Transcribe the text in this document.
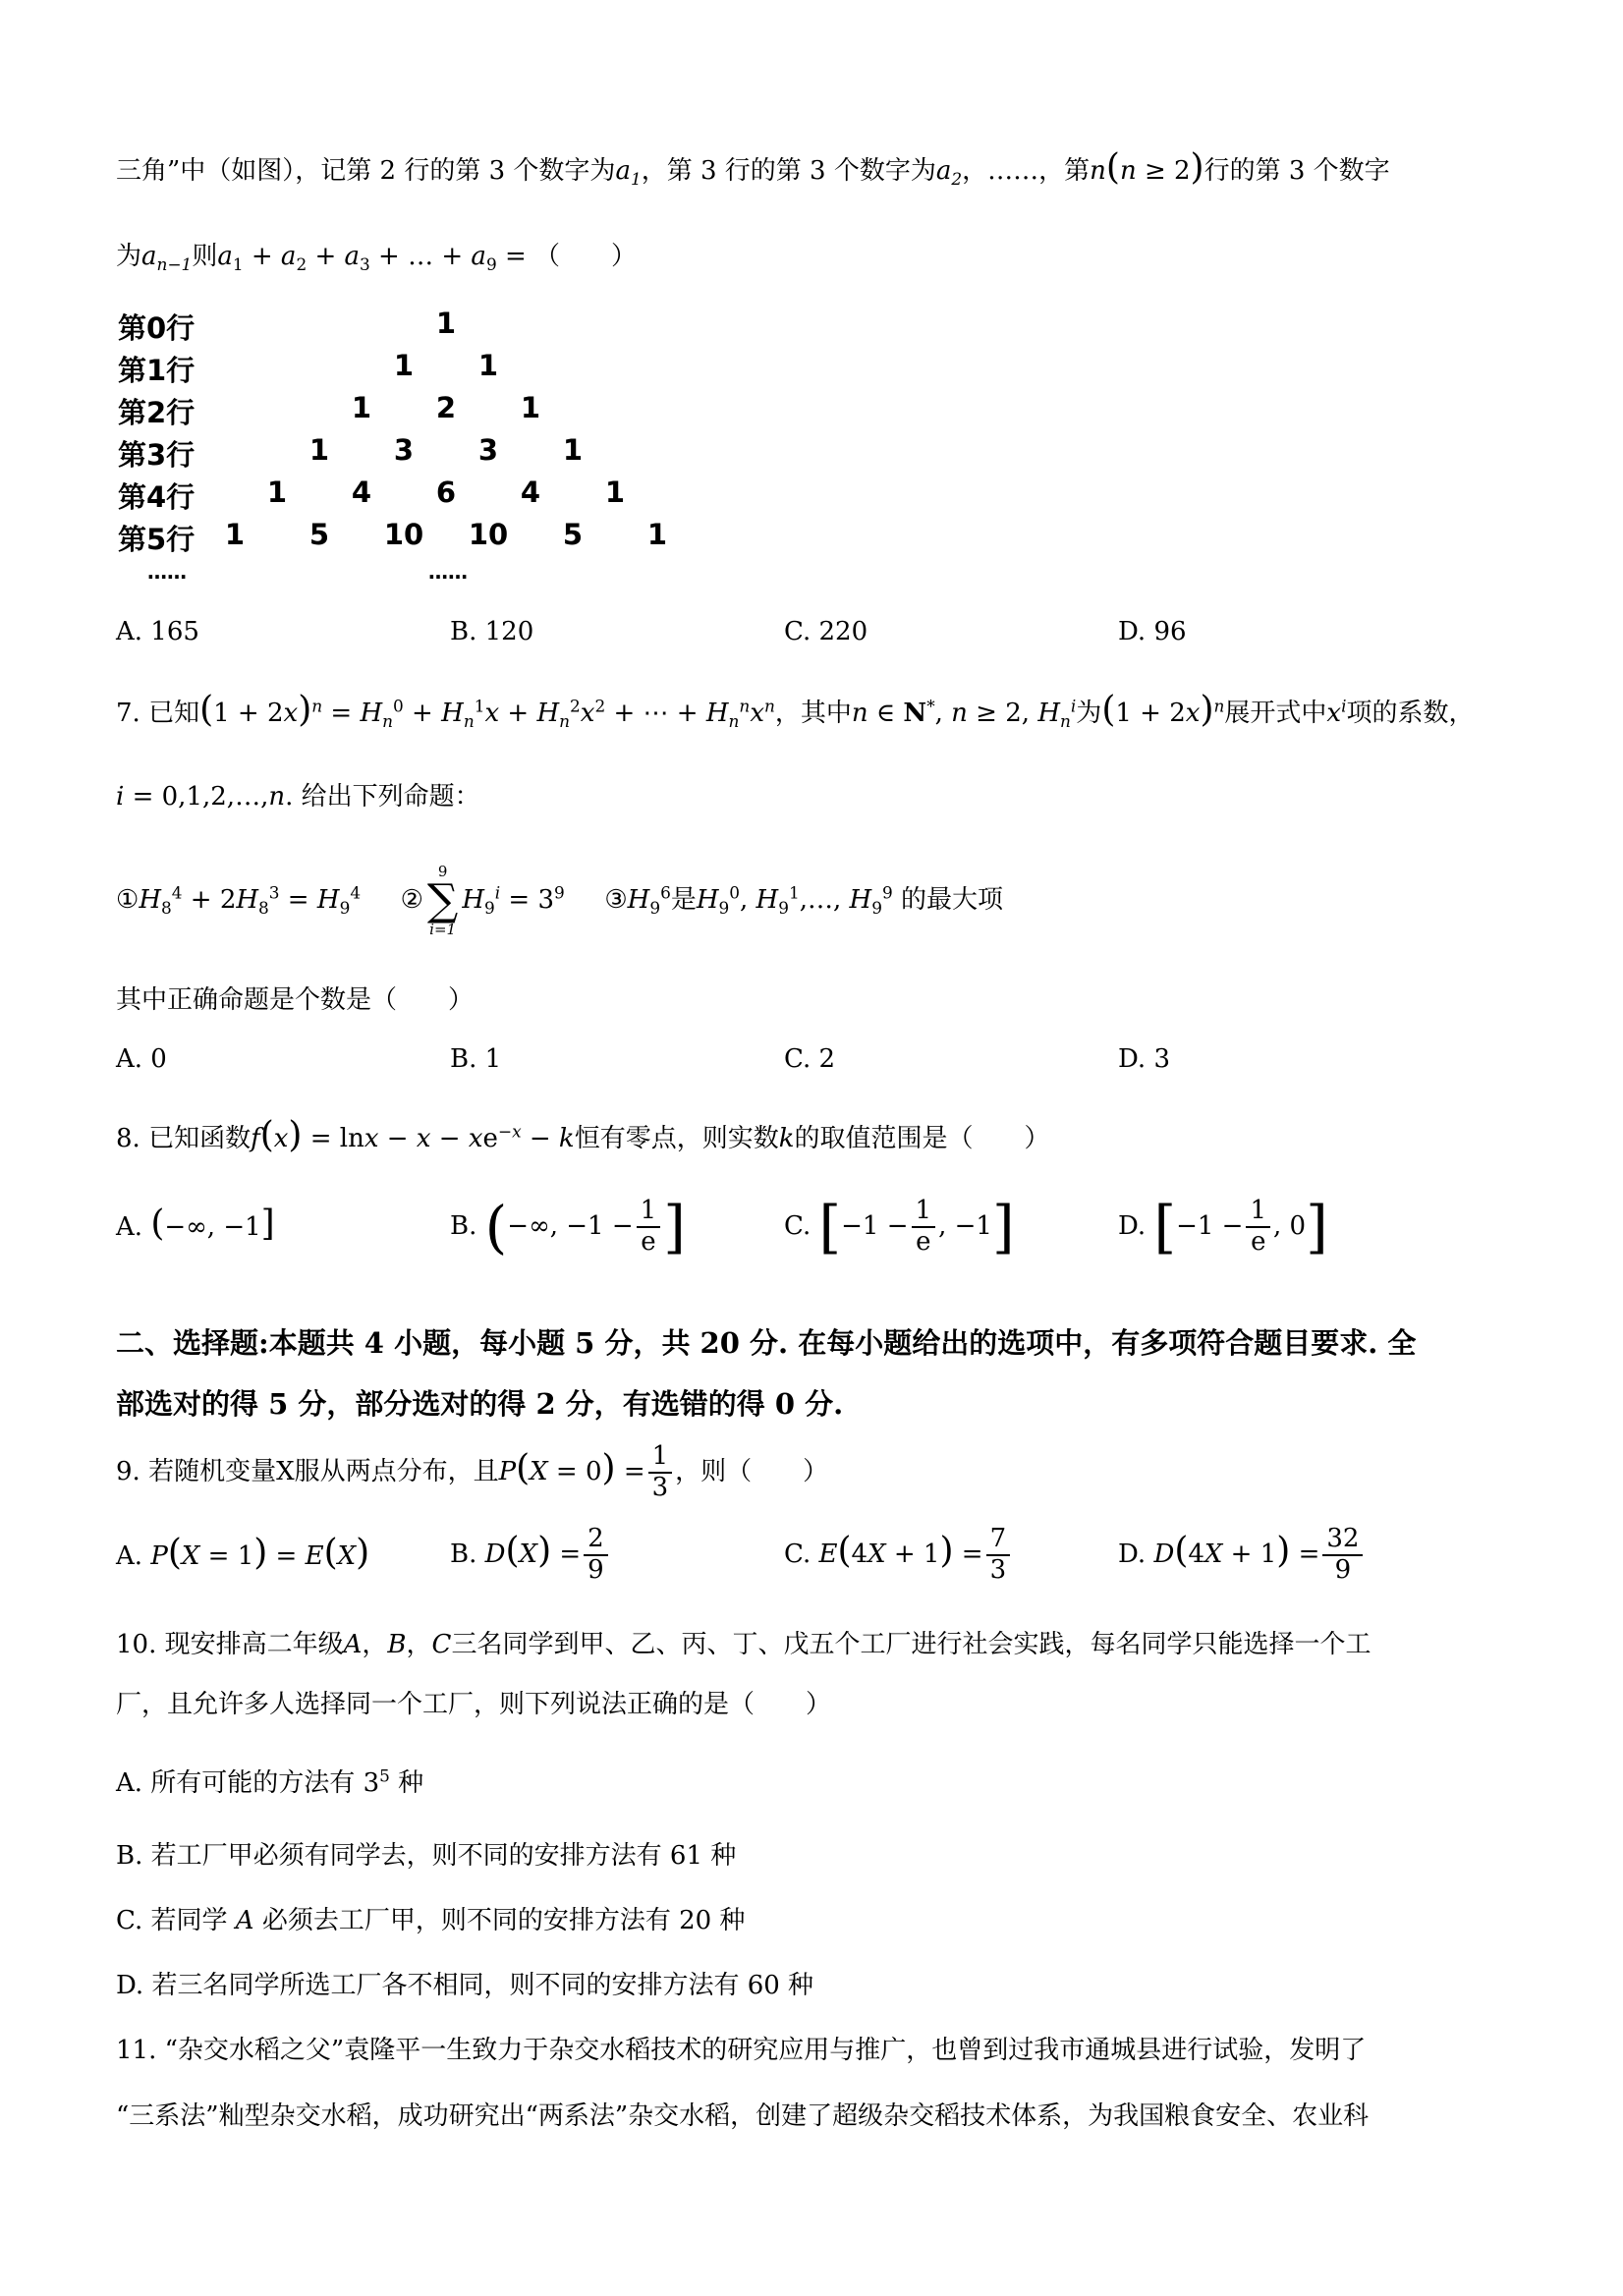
三角”中（如图），记第 2 行的第 3 个数字为$a_1$，第 3 行的第 3 个数字为$a_2$，……，第n(n ≥ 2)行的第 3 个数字
为$a_{n-1}$则$a_1 + a_2 + a_3$ + … + $a_9$ = （　　）
第0行	1
第1行	1 1
第2行	1 2 1
第3行	1 3 3 1
第4行	1 4 6 4 1
第5行 1 5 10 10 5 1
……	……
A. 165	B. 120	C. 220	D. 96
7. 已知$(1 + 2x)^n = H_n^0 + H_n^1x + H_n^2x^2$ + ⋯ + $H_n^nx^n$，其中n ∈ N*, n ≥ 2, $H_n^i$为$(1 + 2x)^n$展开式中$x^i$项的系数，
i = 0,1,2,…,n. 给出下列命题：
$①H_8^4 + 2H_8^3 = H_9^4$ ②
9
∑
i=1
$H_9^i = 3^9$ $③H_9^6$是$H_9^0$, $H_9^1,\dots$, $H_9^9$ 的最大项
其中正确命题是个数是（　　）
A. 0	B. 1	C. 2	D. 3
8. 已知函数$f(x) = \ln x - x - xe^{-x} - k$恒有零点，则实数k的取值范围是（　　）
A. (−∞, −1]	B. (−∞, $-1 - \frac{1}{e}$ ]	C. [$-1 - \frac{1}{e}$ , −1]	D. [$-1 - \frac{1}{e}$ , 0]
二、选择题:本题共 4 小题，每小题 5 分，共 20 分. 在每小题给出的选项中，有多项符合题目要求. 全
部选对的得 5 分，部分选对的得 2 分，有选错的得 0 分.
9. 若随机变量X服从两点分布，且$P(X = 0) = \frac{1}{3}$ ，则（　　）
A. P(X = 1) = E(X)	B. $D(X) = \frac{2}{9}$	C. $E(4X + 1) = \frac{7}{3}$	D. $D(4X + 1) = \frac{32}{9}$
10. 现安排高二年级A，B，C三名同学到甲、乙、丙、丁、戊五个工厂进行社会实践，每名同学只能选择一个工
厂，且允许多人选择同一个工厂，则下列说法正确的是（　　）
A. 所有可能的方法有 $3^5$ 种
B. 若工厂甲必须有同学去，则不同的安排方法有 61 种
C. 若同学 A 必须去工厂甲，则不同的安排方法有 20 种
D. 若三名同学所选工厂各不相同，则不同的安排方法有 60 种
11. “杂交水稻之父”袁隆平一生致力于杂交水稻技术的研究应用与推广，也曾到过我市通城县进行试验，发明了
“三系法”籼型杂交水稻，成功研究出“两系法”杂交水稻，创建了超级杂交稻技术体系，为我国粮食安全、农业科
